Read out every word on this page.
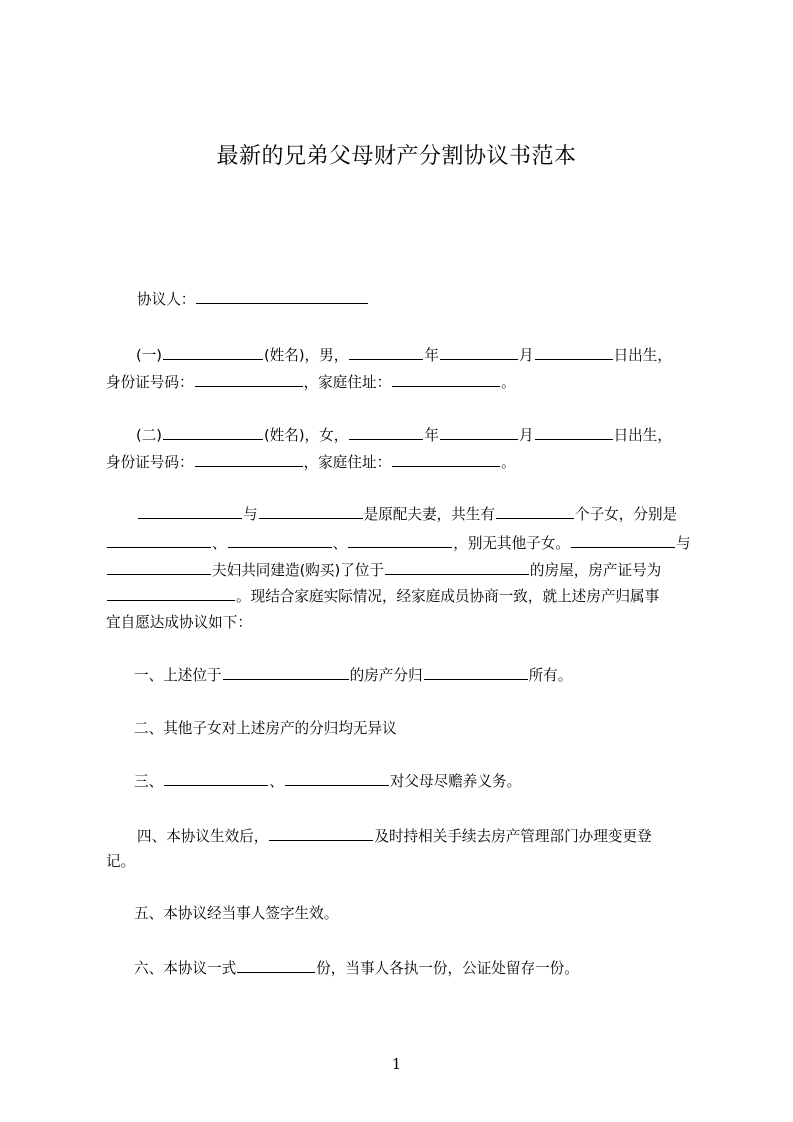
最新的兄弟父母财产分割协议书范本
协议人：
(一)	(姓名)，男，	年	月	日出生，
身份证号码：	，家庭住址：	。
(二)	(姓名)，女，	年	月	日出生，
身份证号码：	，家庭住址：	。
与	是原配夫妻，共生有	个子女，分别是
、	、	，别无其他子女。	与
夫妇共同建造(购买)了位于	的房屋，房产证号为
。现结合家庭实际情况，经家庭成员协商一致，就上述房产归属事
宜自愿达成协议如下：
一、上述位于	的房产分归	所有。
二、其他子女对上述房产的分归均无异议
三、	、	对父母尽赡养义务。
四、本协议生效后，	及时持相关手续去房产管理部门办理变更登
记。
五、本协议经当事人签字生效。
六、本协议一式	份，当事人各执一份，公证处留存一份。
1
